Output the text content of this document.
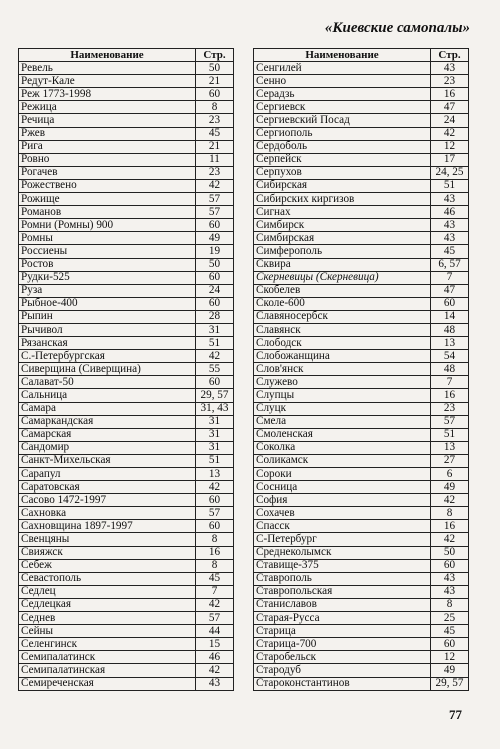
«Киевские самопалы»
Наименование	Стр.
Ревель	50
Редут-Кале	21
Реж 1773-1998	60
Режица	8
Речица	23
Ржев	45
Рига	21
Ровно	11
Рогачев	23
Рожествено	42
Рожище	57
Романов	57
Ромни (Ромны) 900	60
Ромны	49
Россиены	19
Ростов	50
Рудки-525	60
Руза	24
Рыбное-400	60
Рыпин	28
Рычивол	31
Рязанская	51
С.-Петербургская	42
Сиверщина (Сиверщина)	55
Салават-50	60
Сальница	29, 57
Самара	31, 43
Самаркандская	31
Самарская	31
Сандомир	31
Санкт-Михельская	51
Сарапул	13
Саратовская	42
Сасово 1472-1997	60
Сахновка	57
Сахновщина 1897-1997	60
Свенцяны	8
Свияжск	16
Себеж	8
Севастополь	45
Седлец	7
Седлецкая	42
Седнев	57
Сейны	44
Селенгинск	15
Семипалатинск	46
Семипалатинская	42
Семиреченская	43
Наименование	Стр.
Сенгилей	43
Сенно	23
Серадзь	16
Сергиевск	47
Сергиевский Посад	24
Сергиополь	42
Сердоболь	12
Серпейск	17
Серпухов	24, 25
Сибирская	51
Сибирских киргизов	43
Сигнах	46
Симбирск	43
Симбирская	43
Симферополь	45
Сквира	6, 57
Скерневицы (Скерневица)	7
Скобелев	47
Сколе-600	60
Славяносербск	14
Славянск	48
Слободск	13
Слобожанщина	54
Слов'янск	48
Служево	7
Слупцы	16
Слуцк	23
Смела	57
Смоленская	51
Соколка	13
Соликамск	27
Сороки	6
Сосница	49
София	42
Сохачев	8
Спасск	16
С-Петербург	42
Среднеколымск	50
Ставище-375	60
Ставрополь	43
Ставропольская	43
Станиславов	8
Старая-Русса	25
Старица	45
Старица-700	60
Старобельск	12
Стародуб	49
Староконстантинов	29, 57
77
